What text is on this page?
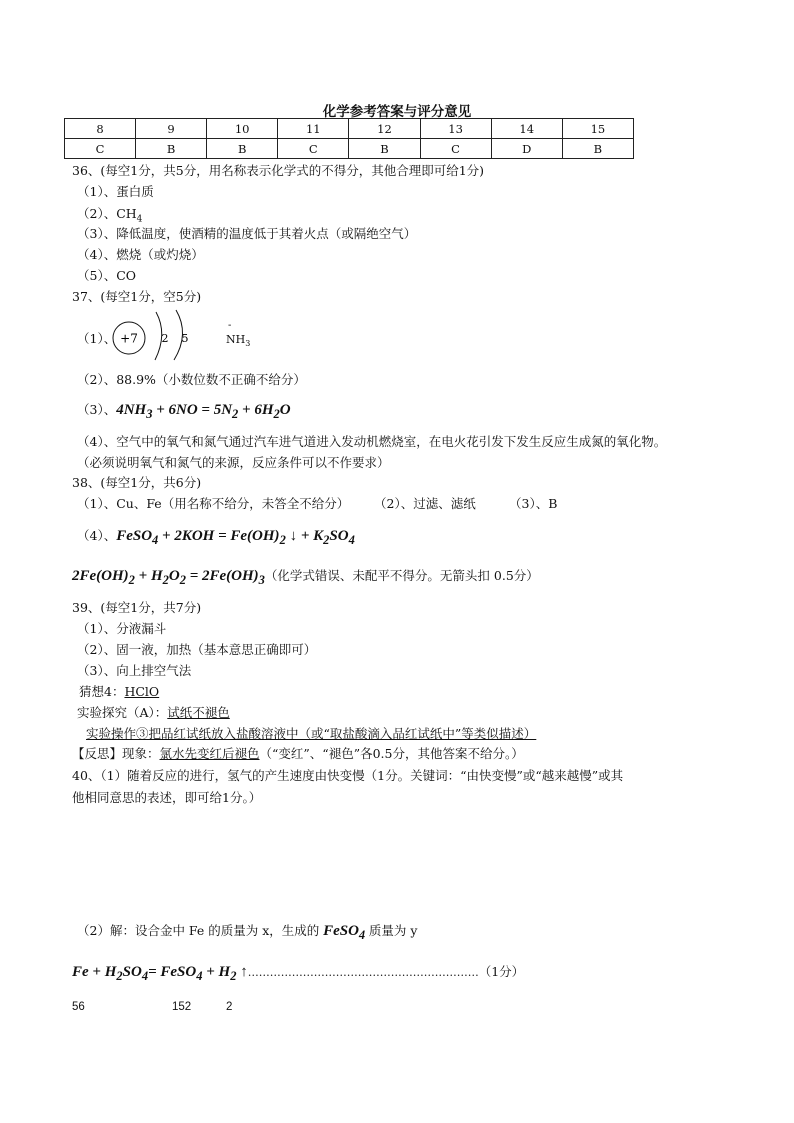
化学参考答案与评分意见
8	9	10	11	12	13	14	15
C	B	B	C	B	C	D	B
36、(每空1分，共5分，用名称表示化学式的不得分，其他合理即可给1分)
（1）、蛋白质
（2）、$CH_4$
（3）、降低温度，使酒精的温度低于其着火点（或隔绝空气）
（4）、燃烧（或灼烧）
（5）、CO
37、(每空1分，空5分)
（1）、 +7 2 5
-
$NH_3$
（2）、88.9%（小数位数不正确不给分）
（3）、$4NH_3 + 6NO = 5N_2 + 6H_2O$
（4）、空气中的氧气和氮气通过汽车进气道进入发动机燃烧室，在电火花引发下发生反应生成氮的氧化物。
（必须说明氧气和氮气的来源，反应条件可以不作要求）
38、(每空1分，共6分)
（1）、Cu、Fe（用名称不给分，未答全不给分） （2）、过滤、滤纸	（3）、B
（4）、FeSO$_4$ + $2KOH = Fe(OH)_2$ ↓ + $K_2SO_4$
$2Fe(OH)_2 + H_2O_2 = 2Fe(OH)_3$（化学式错误、未配平不得分。无箭头扣 0.5分）
39、(每空1分，共7分)
（1）、分液漏斗
（2）、固一液，加热（基本意思正确即可）
（3）、向上排空气法
猜想4：HClO
实验探究（A）：试纸不褪色
实验操作③把品红试纸放入盐酸溶液中（或“取盐酸滴入品红试纸中”等类似描述）
【反思】现象：氯水先变红后褪色（“变红”、“褪色”各0.5分，其他答案不给分。）
40、（1）随着反应的进行，氢气的产生速度由快变慢（1分。关键词：“由快变慢”或“越来越慢”或其
他相同意思的表述，即可给1分。）
（2）解：设合金中 Fe 的质量为 x，生成的 FeSO$_4$ 质量为 y
$Fe + H_2SO_4=$ FeSO$_4$ + $H_2$ ↑………………………………………………………（1分）
56	152	2
